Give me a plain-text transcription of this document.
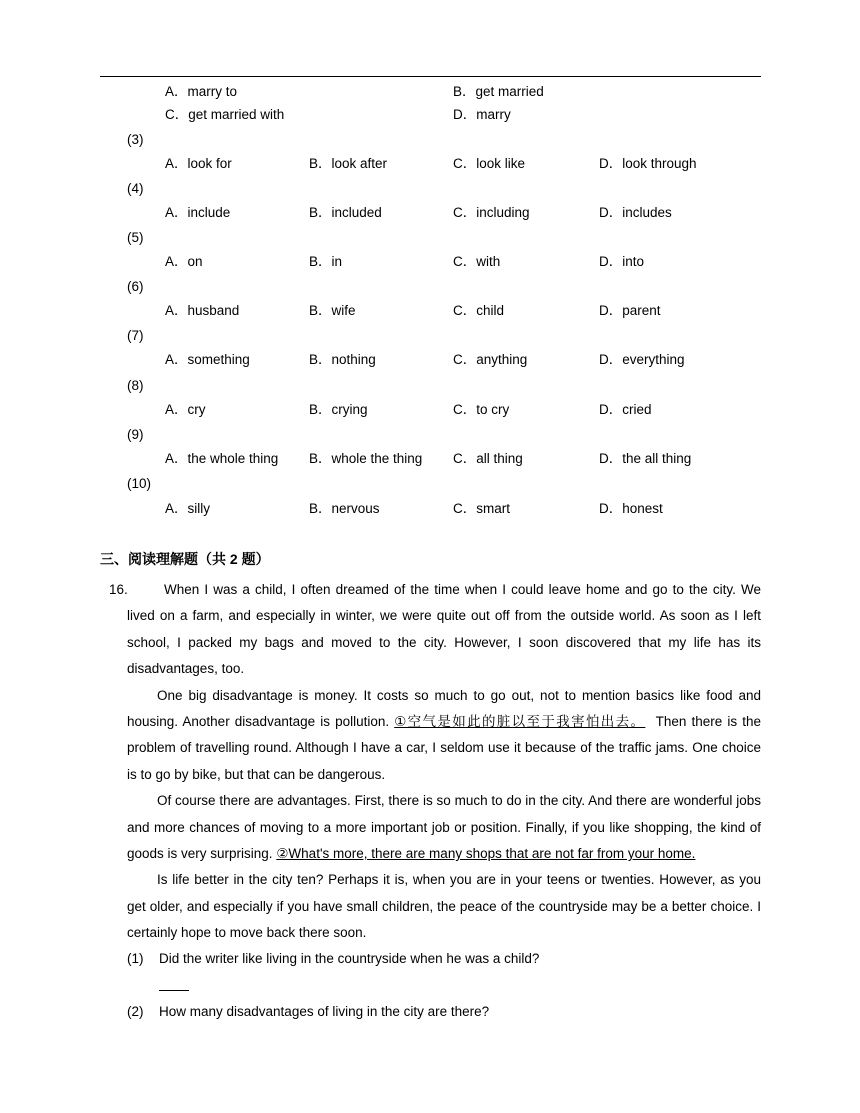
A．marry to	B．get married
C．get married with	D．marry
(3)
A．look for	B．look after	C．look like	D．look through
(4)
A．include	B．included	C．including	D．includes
(5)
A．on	B．in	C．with	D．into
(6)
A．husband	B．wife	C．child	D．parent
(7)
A．something	B．nothing	C．anything	D．everything
(8)
A．cry	B．crying	C．to cry	D．cried
(9)
A．the whole thing B．whole the thing C．all thing	D．the all thing
(10)
A．silly	B．nervous	C．smart	D．honest
三、阅读理解题（共 2 题）
16.	When I was a child, I often dreamed of the time when I could leave home and go to the city. We lived on a farm, and especially in winter, we were quite out off from the outside world. As soon as I left school, I packed my bags and moved to the city. However, I soon discovered that my life has its disadvantages, too.

One big disadvantage is money. It costs so much to go out, not to mention basics like food and housing. Another disadvantage is pollution. ①空气是如此的脏以至于我害怕出去。 Then there is the problem of travelling round. Although I have a car, I seldom use it because of the traffic jams. One choice is to go by bike, but that can be dangerous.

Of course there are advantages. First, there is so much to do in the city. And there are wonderful jobs and more chances of moving to a more important job or position. Finally, if you like shopping, the kind of goods is very surprising. ②What's more, there are many shops that are not far from your home.

Is life better in the city ten? Perhaps it is, when you are in your teens or twenties. However, as you get older, and especially if you have small children, the peace of the countryside may be a better choice. I certainly hope to move back there soon.

(1) Did the writer like living in the countryside when he was a child?
(2) How many disadvantages of living in the city are there?
